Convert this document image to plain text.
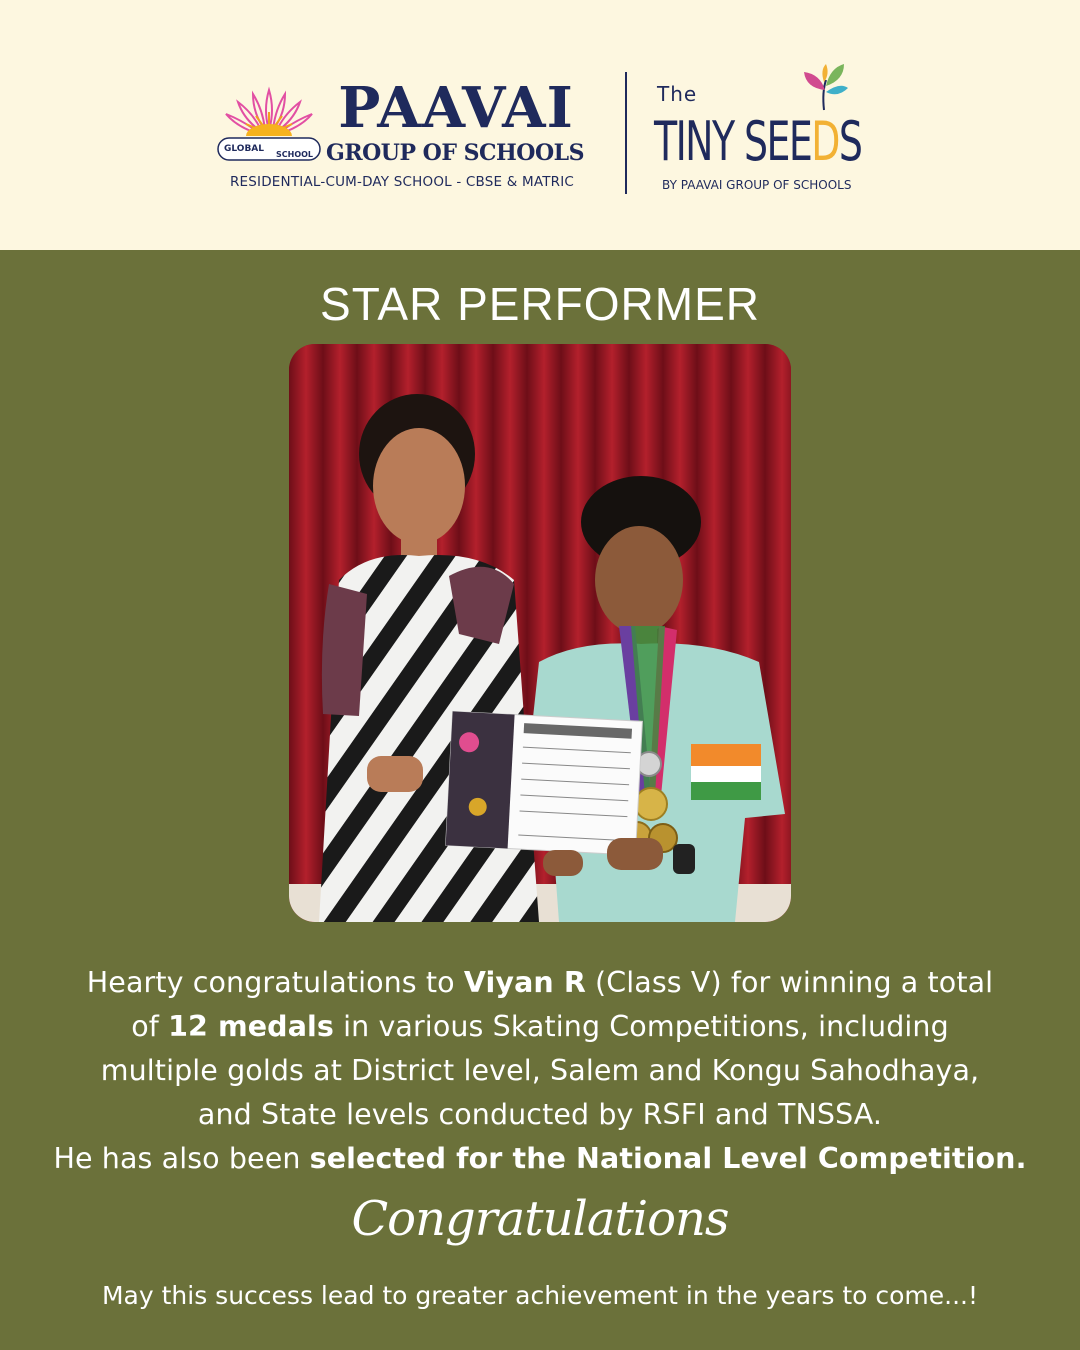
GLOBAL
SCHOOL
PAAVAI
GROUP OF SCHOOLS
RESIDENTIAL-CUM-DAY SCHOOL - CBSE & MATRIC
The
TINY SEEDS
BY PAAVAI GROUP OF SCHOOLS
STAR PERFORMER
Hearty congratulations to Viyan R (Class V) for winning a total
of 12 medals in various Skating Competitions, including
multiple golds at District level, Salem and Kongu Sahodhaya,
and State levels conducted by RSFI and TNSSA.
He has also been selected for the National Level Competition.
Congratulations
May this success lead to greater achievement in the years to come...!
